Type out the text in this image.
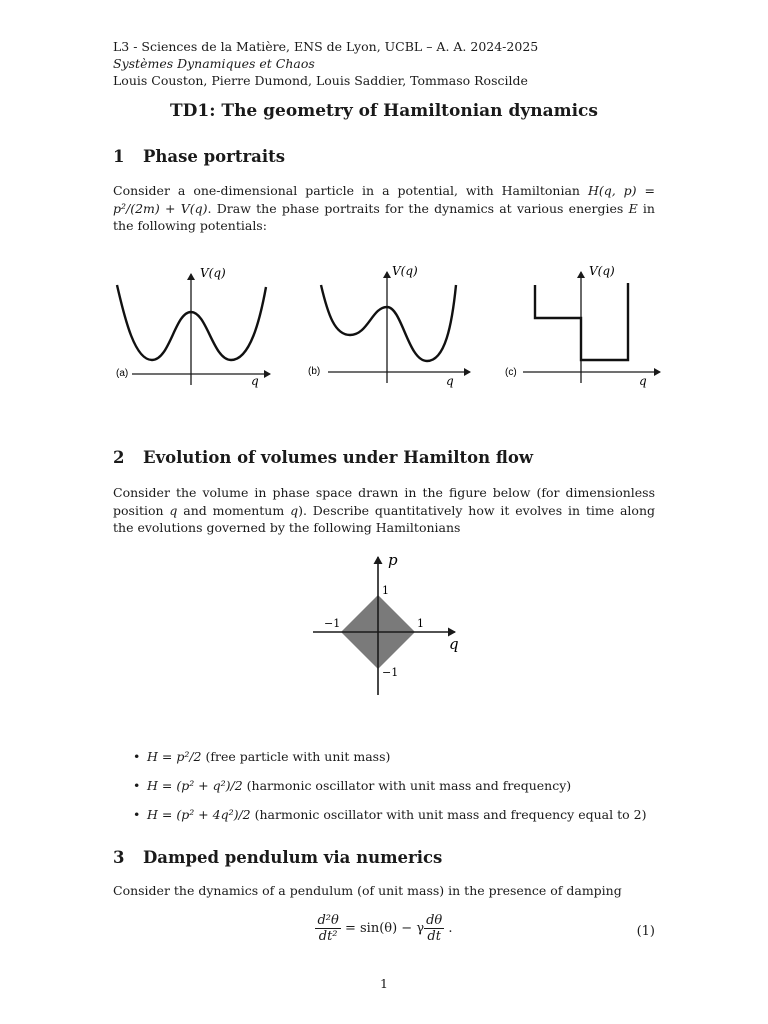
L3 - Sciences de la Matière, ENS de Lyon, UCBL – A. A. 2024-2025
Systèmes Dynamiques et Chaos
Louis Couston, Pierre Dumond, Louis Saddier, Tommaso Roscilde
TD1: The geometry of Hamiltonian dynamics
1 Phase portraits
Consider a one-dimensional particle in a potential, with Hamiltonian H(q, p) = p²/(2m) + V(q). Draw the phase portraits for the dynamics at various energies E in the following potentials:
V(q)
q
(a)
V(q)
q
(b)
V(q)
q
(c)
2 Evolution of volumes under Hamilton flow
Consider the volume in phase space drawn in the figure below (for dimensionless position q and momentum q). Describe quantitatively how it evolves in time along the evolutions governed by the following Hamiltonians
p
q
1
−1
−1	1
• H = p²/2 (free particle with unit mass)
• H = (p² + q²)/2 (harmonic oscillator with unit mass and frequency)
• H = (p² + 4q²)/2 (harmonic oscillator with unit mass and frequency equal to 2)
3 Damped pendulum via numerics
Consider the dynamics of a pendulum (of unit mass) in the presence of damping
$\frac{\text{d²θ}}{\text{dt²}} = \sin(\theta) - \gamma \frac{d\theta}{dt}$ .	(1)
1
